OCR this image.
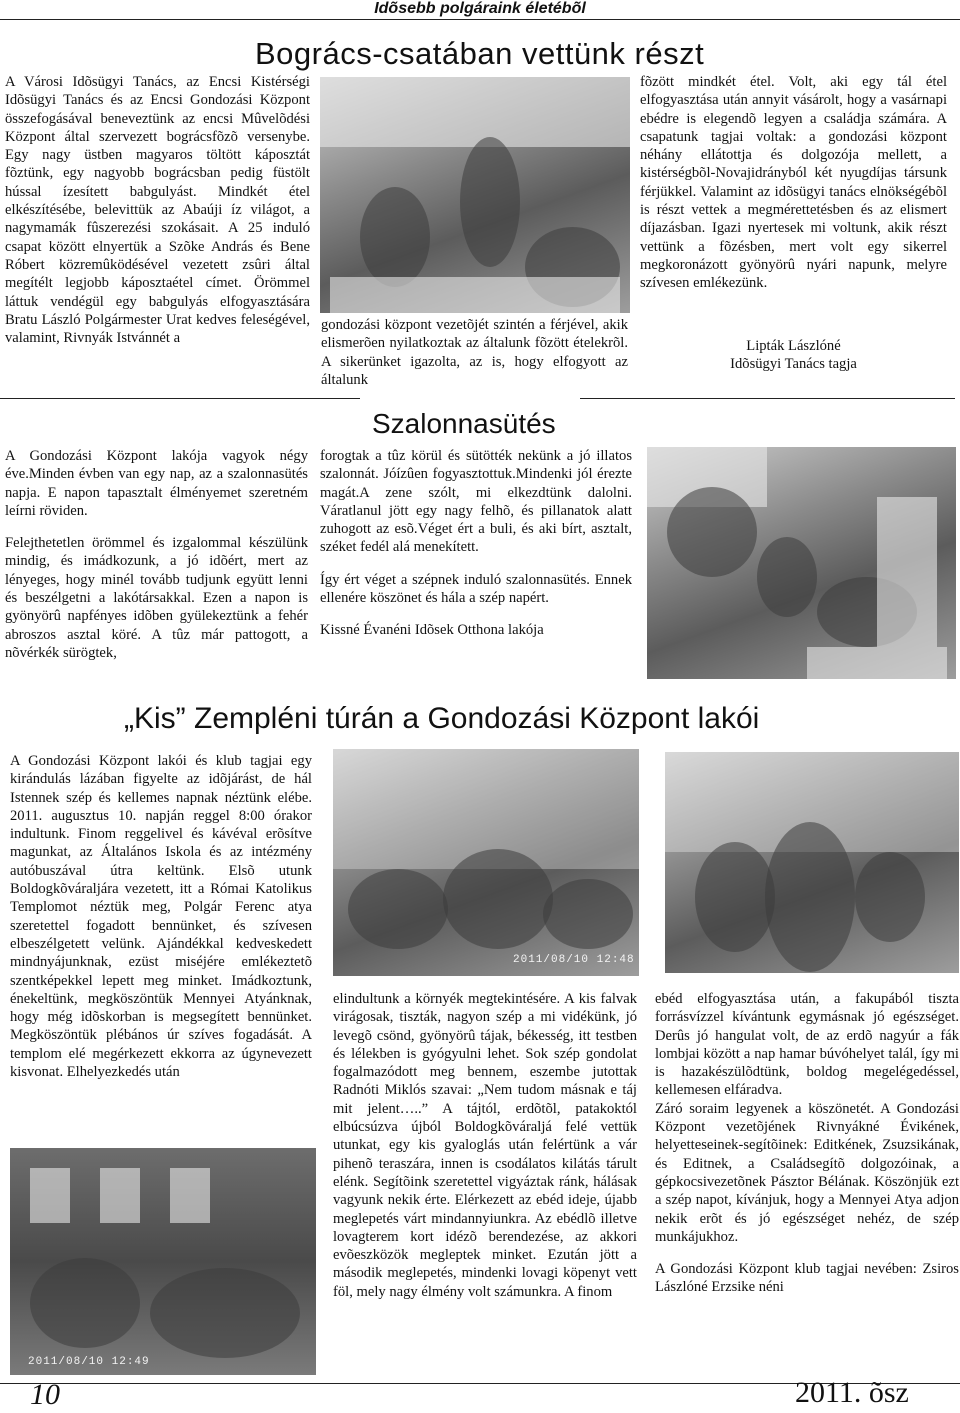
Idõsebb polgáraink életébõl
Bogrács-csatában vettünk részt
A Városi Idõsügyi Tanács, az Encsi Kistérségi Idõsügyi Tanács és az Encsi Gondozási Központ összefogásával beneveztünk az encsi Mûvelõdési Központ által szervezett bográcsfõzõ versenybe. Egy nagy üstben magyaros töltött káposztát fõztünk, egy nagyobb bográcsban pedig füstölt hússal ízesített babgulyást. Mindkét étel elkészítésébe, belevittük az Abaúji íz világot, a nagymamák fûszerezési szokásait. A 25 induló csapat között elnyertük a Szõke András és Bene Róbert közremûködésével vezetett zsûri által megítélt legjobb káposztaétel címet. Örömmel láttuk vendégül egy babgulyás elfogyasztására Bratu László Polgármester Urat kedves feleségével, valamint, Rivnyák Istvánnét a
gondozási központ vezetõjét szintén a férjével, akik elismerõen nyilatkoztak az általunk fõzött ételekrõl. A sikerünket igazolta, az is, hogy elfogyott az általunk
fõzött mindkét étel. Volt, aki egy tál étel elfogyasztása után annyit vásárolt, hogy a vasárnapi ebédre is elegendõ legyen a családja számára. A csapatunk tagjai voltak: a gondozási központ néhány ellátottja és dolgozója mellett, a kistérségbõl-Novajidrányból két nyugdíjas társunk férjükkel. Valamint az idõsügyi tanács elnökségébõl is részt vettek a megmérettetésben és az elismert díjazásban. Igazi nyertesek mi voltunk, akik részt vettünk a fõzésben, mert volt egy sikerrel megkoronázott gyönyörû nyári napunk, melyre szívesen emlékezünk.
Lipták Lászlóné
Idõsügyi Tanács tagja
Szalonnasütés

A Gondozási Központ lakója vagyok négy éve.Minden évben van egy nap, az a szalonnasütés napja. E napon tapasztalt élményemet szeretném leírni röviden.

Felejthetetlen örömmel és izgalommal készülünk mindig, és imádkozunk, a jó idõért, mert az lényeges, hogy minél tovább tudjunk együtt lenni és beszélgetni a lakótársakkal. Ezen a napon is gyönyörû napfényes idõben gyülekeztünk a fehér abroszos asztal köré. A tûz már pattogott, a nõvérkék sürögtek,

forogtak a tûz körül és sütötték nekünk a jó illatos szalonnát. Jóízûen fogyasztottuk.Mindenki jól érezte magát.A zene szólt, mi elkezdtünk dalolni. Váratlanul jött egy nagy felhõ, és pillanatok alatt zuhogott az esõ.Véget ért a buli, és aki bírt, asztalt, széket fedél alá menekített.

Így ért véget a szépnek induló szalonnasütés. Ennek ellenére köszönet és hála a szép napért.

Kissné Évanéni Idõsek Otthona lakója

„Kis” Zempléni túrán a Gondozási Központ lakói
A Gondozási Központ lakói és klub tagjai egy kirándulás lázában figyelte az idõjárást, de hál Istennek szép és kellemes napnak néztünk elébe. 2011. augusztus 10. napján reggel 8:00 órakor indultunk. Finom reggelivel és kávéval erõsítve magunkat, az Általános Iskola és az intézmény autóbuszával útra keltünk. Elsõ utunk Boldogkõváraljára vezetett, itt a Római Katolikus Templomot néztük meg, Polgár Ferenc atya szeretettel fogadott bennünket, és szívesen elbeszélgetett velünk. Ajándékkal kedveskedett mindnyájunknak, ezüst miséjére emlékeztetõ szentképekkel lepett meg minket. Imádkoztunk, énekeltünk, megköszöntük Mennyei Atyánknak, hogy még idõskorban is megsegített bennünket. Megköszöntük plébános úr szíves fogadását. A templom elé megérkezett ekkorra az úgynevezett kisvonat. Elhelyezkedés után
2011/08/10 12:48
elindultunk a környék megtekintésére. A kis falvak virágosak, tiszták, nagyon szép a mi vidékünk, jó levegõ csönd, gyönyörû tájak, békesség, itt testben és lélekben is gyógyulni lehet. Sok szép gondolat fogalmazódott meg bennem, eszembe jutottak Radnóti Miklós szavai: „Nem tudom másnak e táj mit jelent…..” A tájtól, erdõtõl, patakoktól elbúcsúzva újból Boldogkõváraljá felé vettük utunkat, egy kis gyaloglás után felértünk a vár pihenõ teraszára, innen is csodálatos kilátás tárult elénk. Segítõink szeretettel vigyáztak ránk, hálásak vagyunk nekik érte. Elérkezett az ebéd ideje, újabb meglepetés várt mindannyiunkra. Az ebédlõ illetve lovagterem kort idézõ berendezése, az akkori evõeszközök megleptek minket. Ezután jött a második meglepetés, mindenki lovagi köpenyt vett föl, mely nagy élmény volt számunkra. A finom

ebéd elfogyasztása után, a fakupából tiszta forrásvízzel kívántunk egymásnak jó egészséget. Derûs jó hangulat volt, de az erdõ nagyúr a fák lombjai között a nap hamar búvóhelyet talál, így mi is hazakészülõdtünk, boldog megelégedéssel, kellemesen elfáradva.

Záró soraim legyenek a köszönetét. A Gondozási Központ vezetõjének Rivnyákné Évikének, helyetteseinek-segítõinek: Editkének, Zsuzsikának, és Editnek, a Családsegítõ dolgozóinak, a gépkocsivezetõnek Pásztor Bélának. Köszönjük ezt a szép napot, kívánjuk, hogy a Mennyei Atya adjon nekik erõt és jó egészséget nehéz, de szép munkájukhoz.

A Gondozási Központ klub tagjai nevében: Zsiros Lászlóné Erzsike néni

2011/08/10 12:49
10	2011. õsz
